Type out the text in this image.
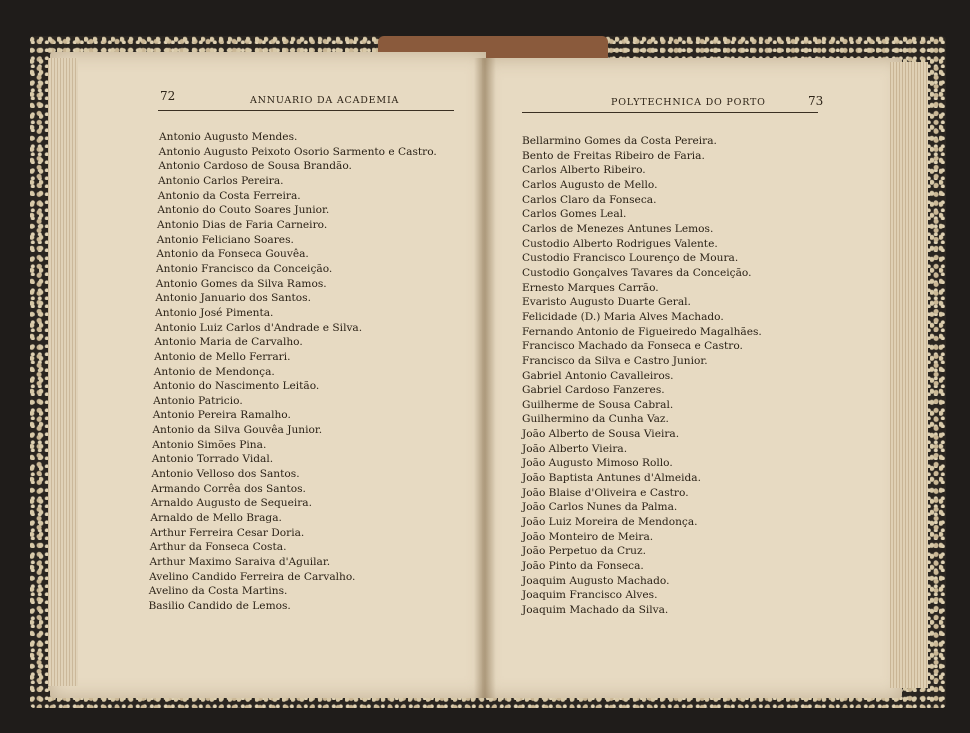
72	ANNUARIO DA ACADEMIA
Antonio Augusto Mendes.
Antonio Augusto Peixoto Osorio Sarmento e Castro.
Antonio Cardoso de Sousa Brandão.
Antonio Carlos Pereira.
Antonio da Costa Ferreira.
Antonio do Couto Soares Junior.
Antonio Dias de Faria Carneiro.
Antonio Feliciano Soares.
Antonio da Fonseca Gouvêa.
Antonio Francisco da Conceição.
Antonio Gomes da Silva Ramos.
Antonio Januario dos Santos.
Antonio José Pimenta.
Antonio Luiz Carlos d'Andrade e Silva.
Antonio Maria de Carvalho.
Antonio de Mello Ferrari.
Antonio de Mendonça.
Antonio do Nascimento Leitão.
Antonio Patricio.
Antonio Pereira Ramalho.
Antonio da Silva Gouvêa Junior.
Antonio Simões Pina.
Antonio Torrado Vidal.
Antonio Velloso dos Santos.
Armando Corrêa dos Santos.
Arnaldo Augusto de Sequeira.
Arnaldo de Mello Braga.
Arthur Ferreira Cesar Doria.
Arthur da Fonseca Costa.
Arthur Maximo Saraiva d'Aguilar.
Avelino Candido Ferreira de Carvalho.
Avelino da Costa Martins.
Basilio Candido de Lemos.
POLYTECHNICA DO PORTO	73
Bellarmino Gomes da Costa Pereira.
Bento de Freitas Ribeiro de Faria.
Carlos Alberto Ribeiro.
Carlos Augusto de Mello.
Carlos Claro da Fonseca.
Carlos Gomes Leal.
Carlos de Menezes Antunes Lemos.
Custodio Alberto Rodrigues Valente.
Custodio Francisco Lourenço de Moura.
Custodio Gonçalves Tavares da Conceição.
Ernesto Marques Carrão.
Evaristo Augusto Duarte Geral.
Felicidade (D.) Maria Alves Machado.
Fernando Antonio de Figueiredo Magalhães.
Francisco Machado da Fonseca e Castro.
Francisco da Silva e Castro Junior.
Gabriel Antonio Cavalleiros.
Gabriel Cardoso Fanzeres.
Guilherme de Sousa Cabral.
Guilhermino da Cunha Vaz.
João Alberto de Sousa Vieira.
João Alberto Vieira.
João Augusto Mimoso Rollo.
João Baptista Antunes d'Almeida.
João Blaise d'Oliveira e Castro.
João Carlos Nunes da Palma.
João Luiz Moreira de Mendonça.
João Monteiro de Meira.
João Perpetuo da Cruz.
João Pinto da Fonseca.
Joaquim Augusto Machado.
Joaquim Francisco Alves.
Joaquim Machado da Silva.
